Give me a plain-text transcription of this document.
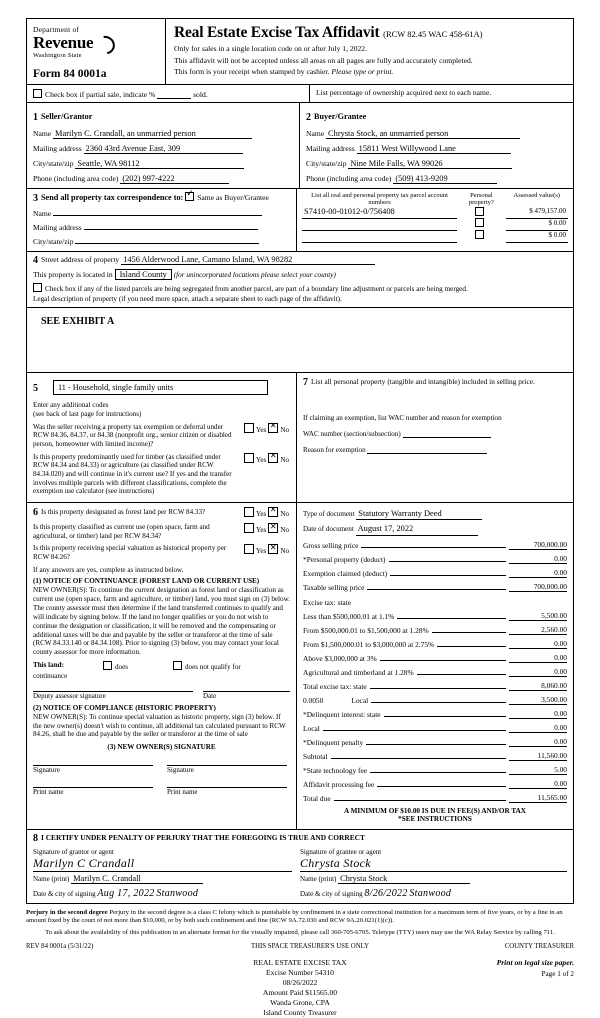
Department of
Revenue
Washington State
Form 84 0001a
Real Estate Excise Tax Affidavit (RCW 82.45 WAC 458-61A)
Only for sales in a single location code on or after July 1, 2022.
This affidavit will not be accepted unless all areas on all pages are fully and accurately completed.
This form is your receipt when stamped by cashier. Please type or print.
Check box if partial sale, indicate %	sold.	List percentage of ownership acquired next to each name.
1 Seller/Grantor
Name Marilyn C. Crandall, an unmarried person
Mailing address 2360 43rd Avenue East, 309
City/state/zip Seattle, WA 98112
Phone (including area code) (202) 997-4222
2 Buyer/Grantee
Name Chrysta Stock, an unmarried person
Mailing address 15811 West Willywood Lane
City/state/zip Nine Mile Falls, WA 99026
Phone (including area code) (509) 413-9209
3 Send all property tax correspondence to: ✓ Same as Buyer/Grantee
Name
Mailing address
City/state/zip
List all real and personal property tax parcel account numbers	Personal property?	Assessed value(s)
S7410-00-01012-0/756408		$ 479,157.00
		$ 0.00
		$ 0.00
4 Street address of property 1456 Alderwood Lane, Camano Island, WA 98282
This property is located in Island County (for unincorporated locations please select your county)
Check box if any of the listed parcels are being segregated from another parcel, are part of a boundary line adjustment or parcels are being merged.
Legal description of property (if you need more space, attach a separate sheet to each page of the affidavit).
SEE EXHIBIT A
5 11 - Household, single family units
Enter any additional codes
(see back of last page for instructions)
Was the seller receiving a property tax exemption or deferral under RCW 84.36, 84.37, or 84.38 (nonprofit org., senior citizen or disabled person, homeowner with limited income)?
Yes ✕ No
Is this property predominantly used for timber (as classified under RCW 84.34 and 84.33) or agriculture (as classified under RCW 84.34.020) and will continue in it's current use? If yes and the transfer involves multiple parcels with different classifications, complete the exemption use calculator (see instructions)
Yes ✕ No
7 List all personal property (tangible and intangible) included in selling price.
If claiming an exemption, list WAC number and reason for exemption
WAC number (section/subsection)
Reason for exemption
6 Is this property designated as forest land per RCW 84.33?	Yes ✕ No
Is this property classified as current use (open space, farm and agricultural, or timber) land per RCW 84.34?
Yes ✕ No
Is this property receiving special valuation as historical property per RCW 84.26?
Yes ✕ No
If any answers are yes, complete as instructed below.
(1) NOTICE OF CONTINUANCE (FOREST LAND OR CURRENT USE)
NEW OWNER(S): To continue the current designation as forest land or classification as current use (open space, farm and agriculture, or timber) land, you must sign on (3) below. The county assessor must then determine if the land transferred continues to qualify and will indicate by signing below. If the land no longer qualifies or you do not wish to continue the designation or classification, it will be removed and the compensating or additional taxes will be due and payable by the seller or transferor at the time of sale (RCW 84.33.140 or 84.34.108). Prior to signing (3) below, you may contact your local county assessor for more information.
This land:	does	does not qualify for
continuance
Deputy assessor signature	Date
(2) NOTICE OF COMPLIANCE (HISTORIC PROPERTY)
NEW OWNER(S): To continue special valuation as historic property, sign (3) below. If the new owner(s) doesn't wish to continue, all additional tax calculated pursuant to RCW 84.26, shall be due and payable by the seller or transferor at the time of sale
(3) NEW OWNER(S) SIGNATURE
Signature	Signature
Print name	Print name
Type of document Statutory Warranty Deed
Date of document August 17, 2022
Gross selling price	700,000.00
*Personal property (deduct)	0.00
Exemption claimed (deduct)	0.00
Taxable selling price	700,000.00
Excise tax: state
Less than $500,000.01 at 1.1%	5,500.00
From $500,000.01 to $1,500,000 at 1.28%	2,560.00
From $1,500,000.01 to $3,000,000 at 2.75%	0.00
Above $3,000,000 at 3%	0.00
Agricultural and timberland at 1.28%	0.00
Total excise tax: state	8,060.00
0.0050	Local	3,500.00
*Delinquent interest: state	0.00
Local	0.00
*Delinquent penalty	0.00
Subtotal	11,560.00
*State technology fee	5.00
Affidavit processing fee	0.00
Total due	11,565.00
A MINIMUM OF $10.00 IS DUE IN FEE(S) AND/OR TAX
*SEE INSTRUCTIONS
8 I CERTIFY UNDER PENALTY OF PERJURY THAT THE FOREGOING IS TRUE AND CORRECT
Signature of grantor or agent
Marilyn C Crandall
Name (print) Marilyn C. Crandall
Date & city of signing Aug 17, 2022 Stanwood
Signature of grantee or agent
Chrysta Stock
Name (print) Chrysta Stock
Date & city of signing 8/26/2022 Stanwood
Perjury in the second degree Perjury in the second degree is a class C felony which is punishable by confinement in a state correctional institution for a maximum term of five years, or by a fine in an amount fixed by the court of not more than $10,000, or by both such confinement and fine (RCW 9A.72.030 and RCW 9A.20.021(1)(c)).
To ask about the availability of this publication in an alternate format for the visually impaired, please call 360-705-6705. Teletype (TTY) users may use the WA Relay Service by calling 711.
REV 84 0001a (5/31/22)	THIS SPACE TREASURER'S USE ONLY	COUNTY TREASURER
REAL ESTATE EXCISE TAX
Excise Number 54310
08/26/2022
Amount Paid $11565.00
Wanda Grone, CPA
Island County Treasurer
Print on legal size paper.
Page 1 of 2
